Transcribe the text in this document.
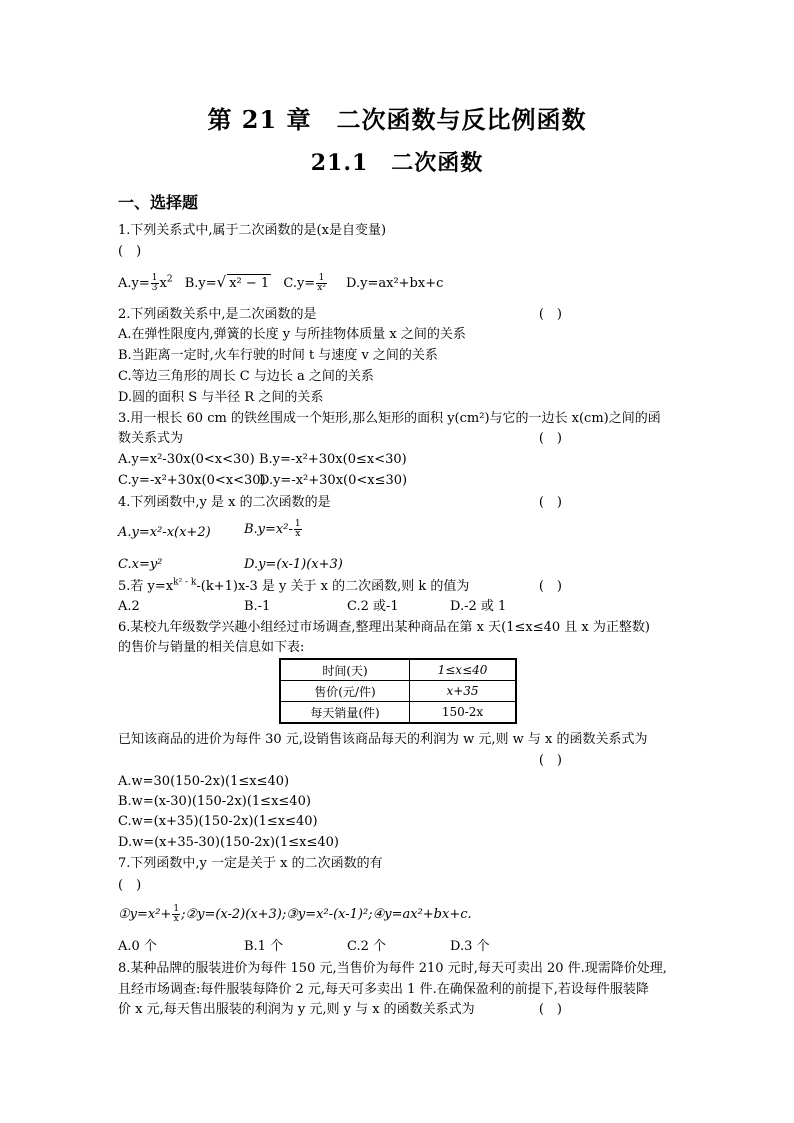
第 21 章　二次函数与反比例函数
21.1　二次函数
一、选择题
1.下列关系式中,属于二次函数的是(x是自变量)
(　)
$A.y= \frac{1}{3} x^2$ B.y=√ x² − 1 $C.y= \frac{1}{\text{x²}} D.y=ax^2+bx+c$
2.下列函数关系中,是二次函数的是	(　)
A.在弹性限度内,弹簧的长度 y 与所挂物体质量 x 之间的关系
B.当距离一定时,火车行驶的时间 t 与速度 v 之间的关系
C.等边三角形的周长 C 与边长 a 之间的关系
D.圆的面积 S 与半径 R 之间的关系
3.用一根长 60 cm 的铁丝围成一个矩形,那么矩形的面积 y(cm²)与它的一边长 x(cm)之间的函
数关系式为	(　)
A.y=x²-30x(0<x<30) B.y=-x²+30x(0≤x<30)
C.y=-x²+30x(0<x<30)
D.y=-x²+30x(0<x≤30)
4.下列函数中,y 是 x 的二次函数的是	(　)
A.y=x²-x(x+2)	$B.y=x^2- \frac{1}{x}$
C.x=y²	D.y=(x-1)(x+3)
5.若 $y=x^{k^2 - k}-(k+1)x-3$ 是 y 关于 x 的二次函数,则 k 的值为	(　)
A.2	B.-1	C.2 或-1	D.-2 或 1
6.某校九年级数学兴趣小组经过市场调查,整理出某种商品在第 x 天(1≤x≤40 且 x 为正整数)
的售价与销量的相关信息如下表:
时间(天)	1≤x≤40
售价(元/件)	x+35
每天销量(件)	150-2x
已知该商品的进价为每件 30 元,设销售该商品每天的利润为 w 元,则 w 与 x 的函数关系式为
(　)
A.w=30(150-2x)(1≤x≤40)
B.w=(x-30)(150-2x)(1≤x≤40)
C.w=(x+35)(150-2x)(1≤x≤40)
D.w=(x+35-30)(150-2x)(1≤x≤40)
7.下列函数中,y 一定是关于 x 的二次函数的有
(　)
①y=x²+ $\frac{1}{x}$ ;②y=(x-2)(x+3);③y=x²-(x-1)²;④y=ax²+bx+c.
A.0 个	B.1 个	C.2 个	D.3 个
8.某种品牌的服装进价为每件 150 元,当售价为每件 210 元时,每天可卖出 20 件.现需降价处理,
且经市场调查:每件服装每降价 2 元,每天可多卖出 1 件.在确保盈利的前提下,若设每件服装降
价 x 元,每天售出服装的利润为 y 元,则 y 与 x 的函数关系式为	(　)
